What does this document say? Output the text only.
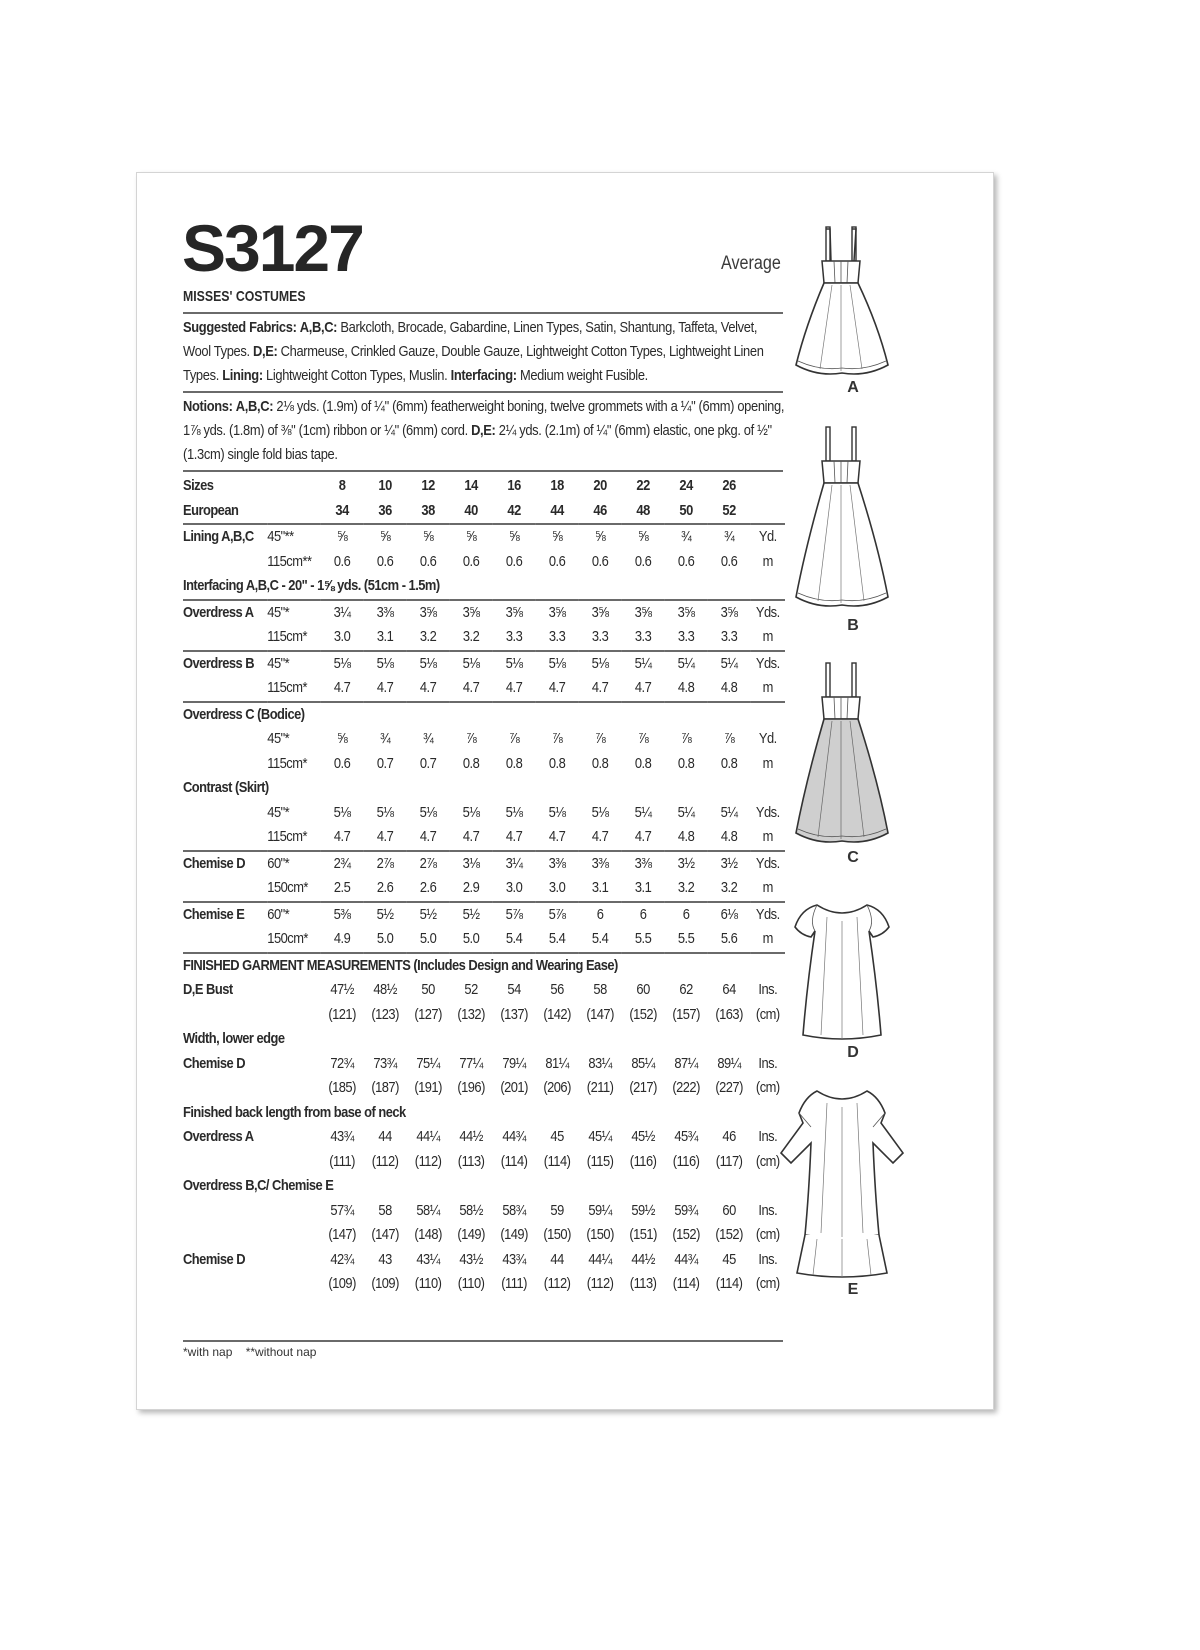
S3127	Average
MISSES' COSTUMES
Suggested Fabrics: A,B,C: Barkcloth, Brocade, Gabardine, Linen Types, Satin, Shantung, Taffeta, Velvet, Wool Types. D,E: Charmeuse, Crinkled Gauze, Double Gauze, Lightweight Cotton Types, Lightweight Linen Types. Lining: Lightweight Cotton Types, Muslin. Interfacing: Medium weight Fusible.
Notions: A,B,C: 2⅛ yds. (1.9m) of ¼" (6mm) featherweight boning, twelve grommets with a ¼" (6mm) opening, 1⅞ yds. (1.8m) of ⅜" (1cm) ribbon or ¼" (6mm) cord. D,E: 2¼ yds. (2.1m) of ¼" (6mm) elastic, one pkg. of ½" (1.3cm) single fold bias tape.
Sizes		8	10	12	14	16	18	20	22	24	26	
European		34	36	38	40	42	44	46	48	50	52	
Lining A,B,C	45"**	⅝	⅝	⅝	⅝	⅝	⅝	⅝	⅝	¾	¾	Yd.
	115cm**	0.6	0.6	0.6	0.6	0.6	0.6	0.6	0.6	0.6	0.6	m
Interfacing A,B,C - 20" - 1⅝ yds. (51cm - 1.5m)												
Overdress A	45"*	3¼	3⅜	3⅝	3⅝	3⅝	3⅝	3⅝	3⅝	3⅝	3⅝	Yds.
	115cm*	3.0	3.1	3.2	3.2	3.3	3.3	3.3	3.3	3.3	3.3	m
Overdress B	45"*	5⅛	5⅛	5⅛	5⅛	5⅛	5⅛	5⅛	5¼	5¼	5¼	Yds.
	115cm*	4.7	4.7	4.7	4.7	4.7	4.7	4.7	4.7	4.8	4.8	m
Overdress C (Bodice)												
	45"*	⅝	¾	¾	⅞	⅞	⅞	⅞	⅞	⅞	⅞	Yd.
	115cm*	0.6	0.7	0.7	0.8	0.8	0.8	0.8	0.8	0.8	0.8	m
Contrast (Skirt)												
	45"*	5⅛	5⅛	5⅛	5⅛	5⅛	5⅛	5⅛	5¼	5¼	5¼	Yds.
	115cm*	4.7	4.7	4.7	4.7	4.7	4.7	4.7	4.7	4.8	4.8	m
Chemise D	60"*	2¾	2⅞	2⅞	3⅛	3¼	3⅜	3⅜	3⅜	3½	3½	Yds.
	150cm*	2.5	2.6	2.6	2.9	3.0	3.0	3.1	3.1	3.2	3.2	m
Chemise E	60"*	5⅜	5½	5½	5½	5⅞	5⅞	6	6	6	6⅛	Yds.
	150cm*	4.9	5.0	5.0	5.0	5.4	5.4	5.4	5.5	5.5	5.6	m
FINISHED GARMENT MEASUREMENTS (Includes Design and Wearing Ease)												
D,E Bust		47½	48½	50	52	54	56	58	60	62	64	Ins.
		(121)	(123)	(127)	(132)	(137)	(142)	(147)	(152)	(157)	(163)	(cm)
Width, lower edge												
Chemise D		72¾	73¾	75¼	77¼	79¼	81¼	83¼	85¼	87¼	89¼	Ins.
		(185)	(187)	(191)	(196)	(201)	(206)	(211)	(217)	(222)	(227)	(cm)
Finished back length from base of neck												
Overdress A		43¾	44	44¼	44½	44¾	45	45¼	45½	45¾	46	Ins.
		(111)	(112)	(112)	(113)	(114)	(114)	(115)	(116)	(116)	(117)	(cm)
Overdress B,C/ Chemise E												
		57¾	58	58¼	58½	58¾	59	59¼	59½	59¾	60	Ins.
		(147)	(147)	(148)	(149)	(149)	(150)	(150)	(151)	(152)	(152)	(cm)
Chemise D		42¾	43	43¼	43½	43¾	44	44¼	44½	44¾	45	Ins.
		(109)	(109)	(110)	(110)	(111)	(112)	(112)	(113)	(114)	(114)	(cm)
*with nap    **without nap
A
B
C
D
E
